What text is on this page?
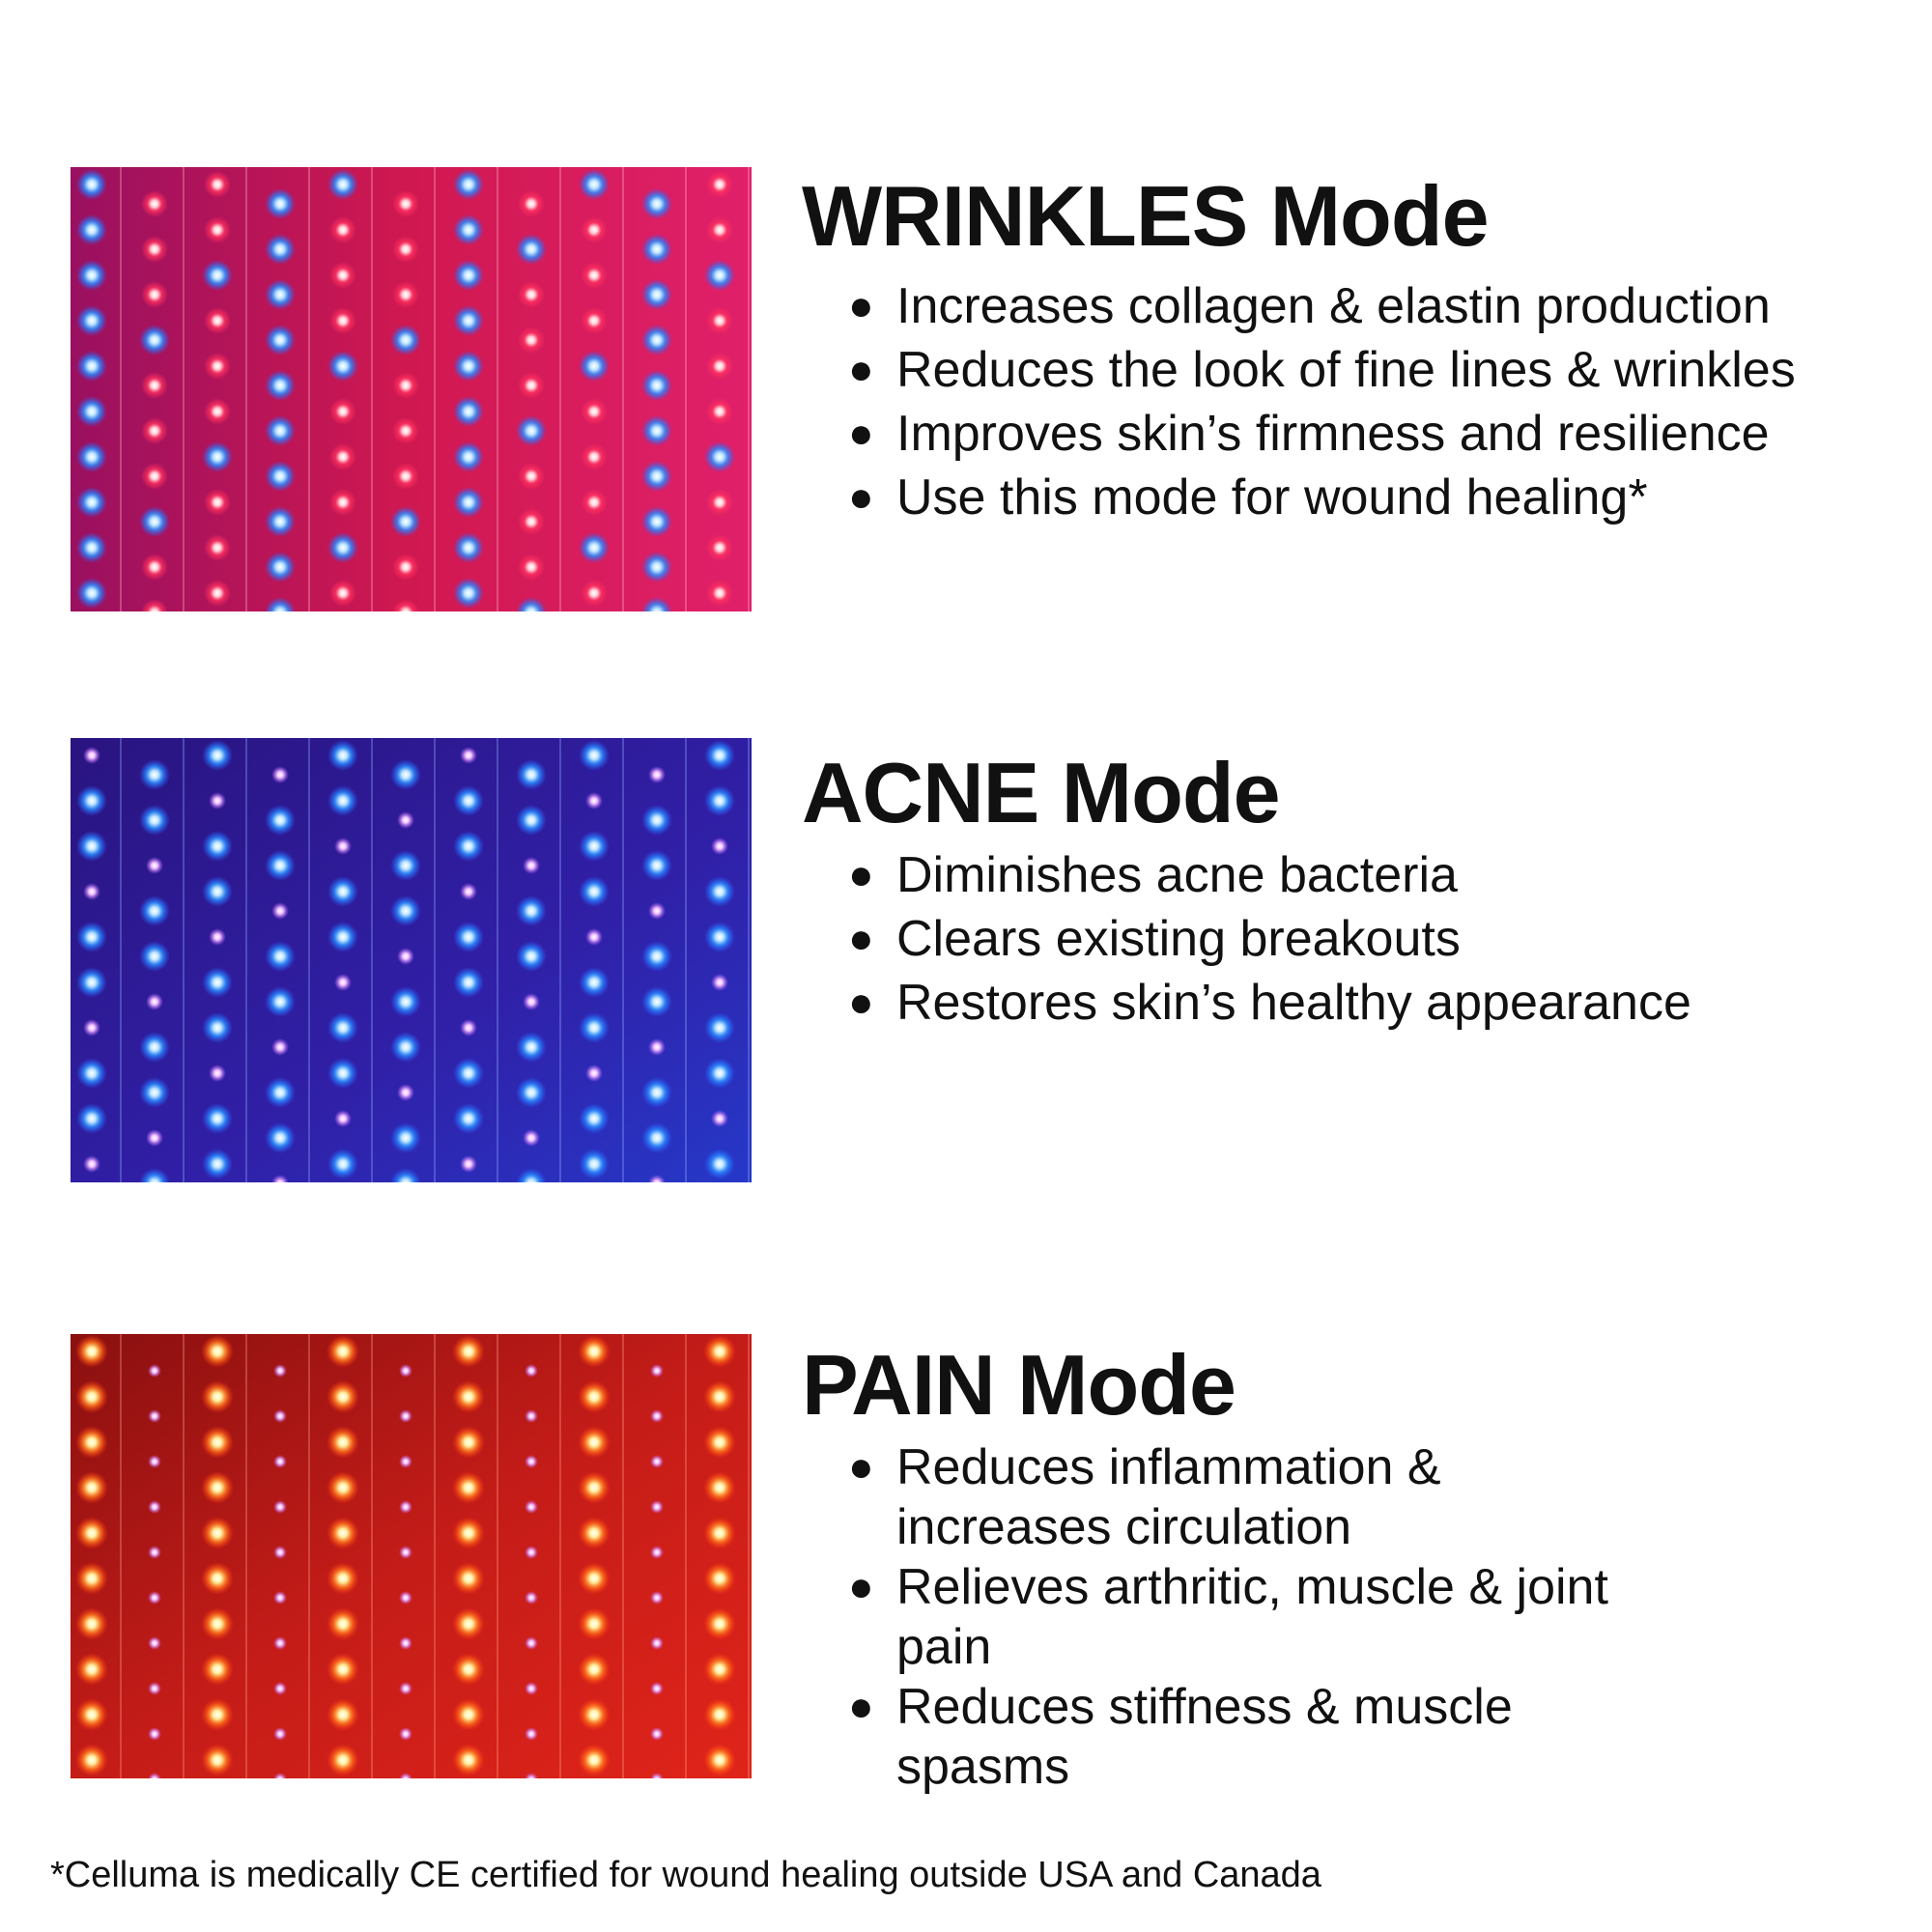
WRINKLES Mode
● Increases collagen & elastin production
● Reduces the look of fine lines & wrinkles
● Improves skin’s firmness and resilience
● Use this mode for wound healing*
ACNE Mode
● Diminishes acne bacteria
● Clears existing breakouts
● Restores skin’s healthy appearance
PAIN Mode
● Reduces inflammation & increases circulation
● Relieves arthritic, muscle & joint pain
● Reduces stiffness & muscle spasms
*Celluma is medically CE certified for wound healing outside USA and Canada
